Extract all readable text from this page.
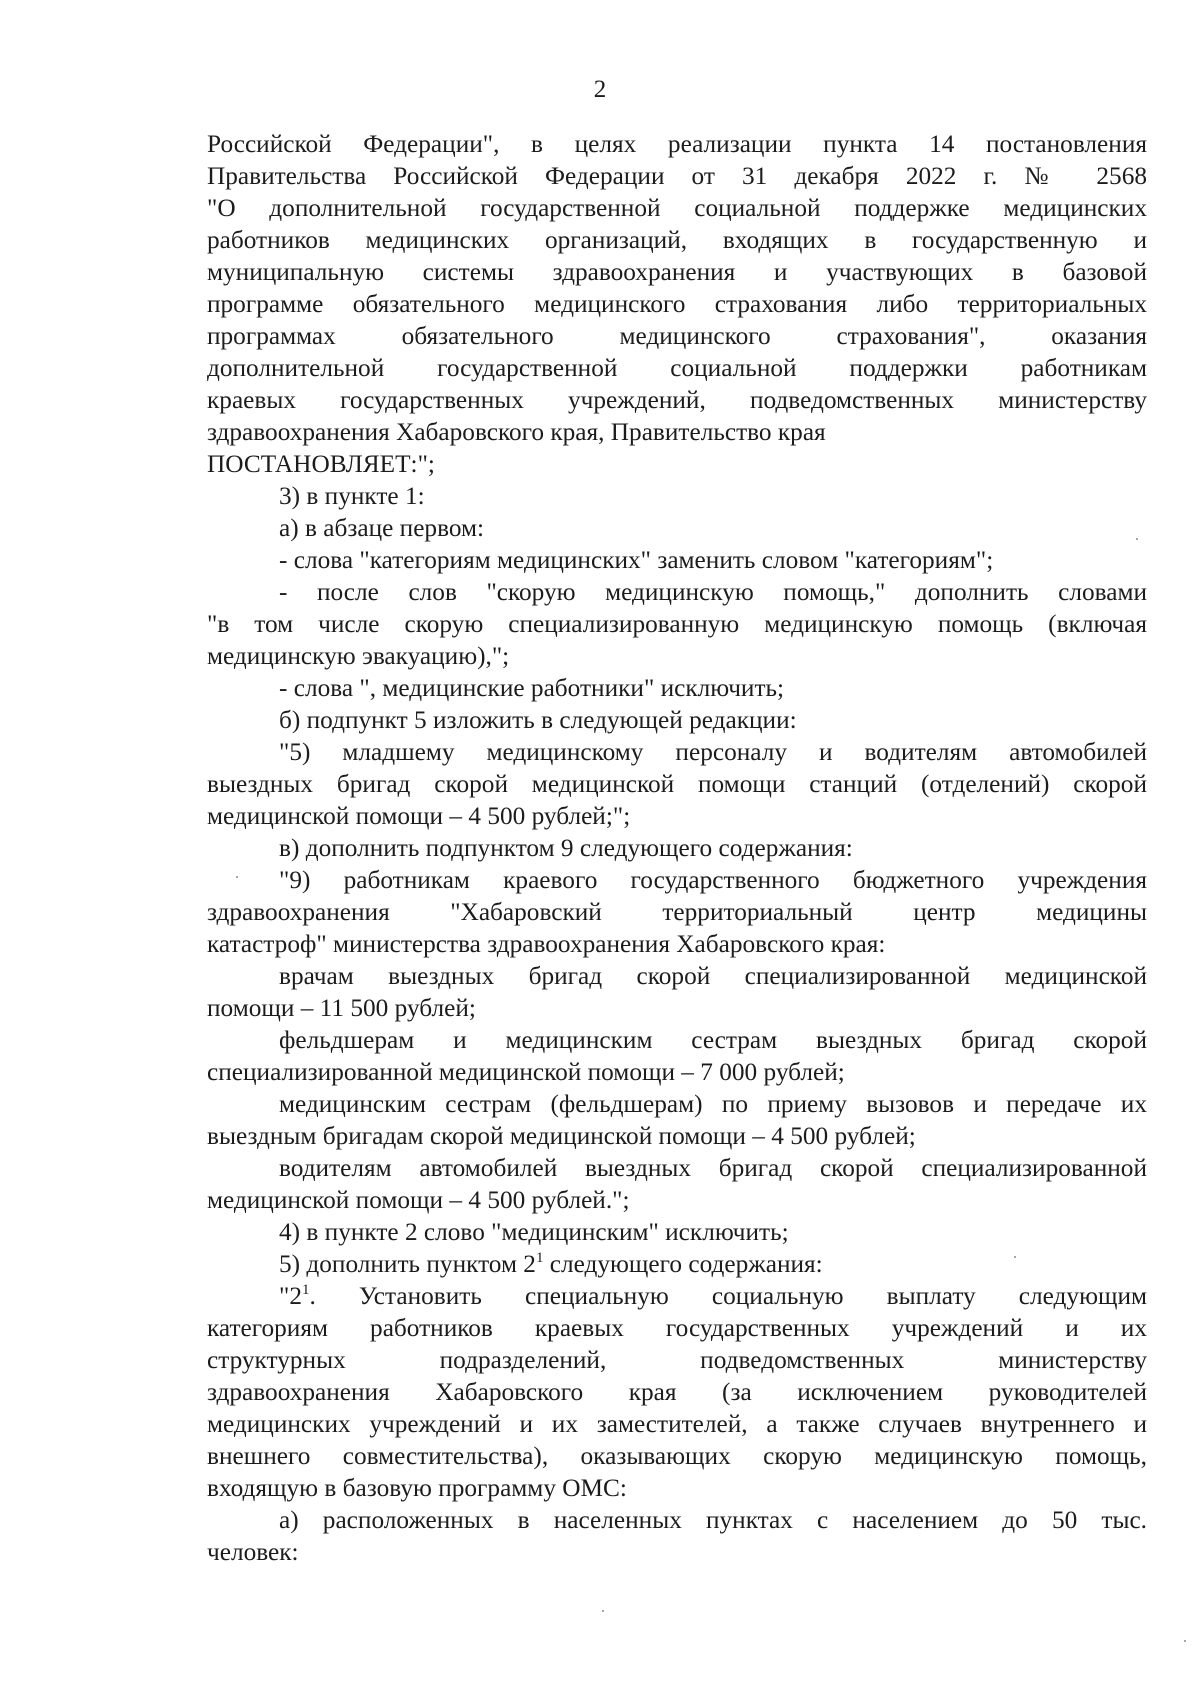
2

Российской Федерации", в целях реализации пункта 14 постановления
Правительства Российской Федерации от 31 декабря 2022 г. № 2568
"О дополнительной государственной социальной поддержке медицинских
работников медицинских организаций, входящих в государственную и
муниципальную системы здравоохранения и участвующих в базовой
программе обязательного медицинского страхования либо территориальных
программах обязательного медицинского страхования", оказания
дополнительной государственной социальной поддержки работникам
краевых государственных учреждений, подведомственных министерству
здравоохранения Хабаровского края, Правительство края

ПОСТАНОВЛЯЕТ:";

3) в пункте 1:

а) в абзаце первом:

- слова "категориям медицинских" заменить словом "категориям";

- после слов "скорую медицинскую помощь," дополнить словами
"в том числе скорую специализированную медицинскую помощь (включая
медицинскую эвакуацию),";

- слова ", медицинские работники" исключить;

б) подпункт 5 изложить в следующей редакции:

"5) младшему медицинскому персоналу и водителям автомобилей
выездных бригад скорой медицинской помощи станций (отделений) скорой
медицинской помощи – 4 500 рублей;";

в) дополнить подпунктом 9 следующего содержания:

"9) работникам краевого государственного бюджетного учреждения
здравоохранения "Хабаровский территориальный центр медицины
катастроф" министерства здравоохранения Хабаровского края:

врачам выездных бригад скорой специализированной медицинской
помощи – 11 500 рублей;

фельдшерам и медицинским сестрам выездных бригад скорой
специализированной медицинской помощи – 7 000 рублей;

медицинским сестрам (фельдшерам) по приему вызовов и передаче их
выездным бригадам скорой медицинской помощи – 4 500 рублей;

водителям автомобилей выездных бригад скорой специализированной
медицинской помощи – 4 500 рублей.";

4) в пункте 2 слово "медицинским" исключить;

5) дополнить пунктом $2^1$ следующего содержания:

"$2^1$. Установить специальную социальную выплату следующим
категориям работников краевых государственных учреждений и их
структурных подразделений, подведомственных министерству
здравоохранения Хабаровского края (за исключением руководителей
медицинских учреждений и их заместителей, а также случаев внутреннего и
внешнего совместительства), оказывающих скорую медицинскую помощь,
входящую в базовую программу ОМС:

а) расположенных в населенных пунктах с населением до 50 тыс.
человек:
